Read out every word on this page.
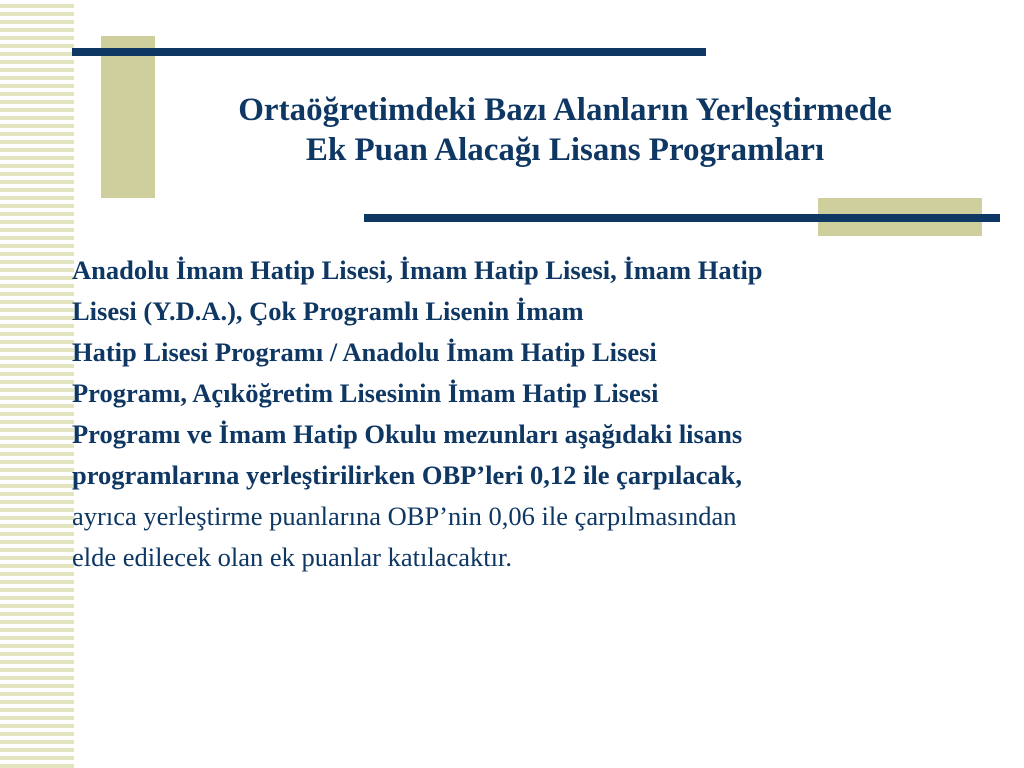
Ortaöğretimdeki Bazı Alanların Yerleştirmede
Ek Puan Alacağı Lisans Programları
Anadolu İmam Hatip Lisesi, İmam Hatip Lisesi, İmam Hatip
Lisesi (Y.D.A.), Çok Programlı Lisenin İmam
Hatip Lisesi Programı / Anadolu İmam Hatip Lisesi
Programı, Açıköğretim Lisesinin İmam Hatip Lisesi
Programı ve İmam Hatip Okulu mezunları aşağıdaki lisans
programlarına yerleştirilirken OBP’leri 0,12 ile çarpılacak,
ayrıca yerleştirme puanlarına OBP’nin 0,06 ile çarpılmasından
elde edilecek olan ek puanlar katılacaktır.
